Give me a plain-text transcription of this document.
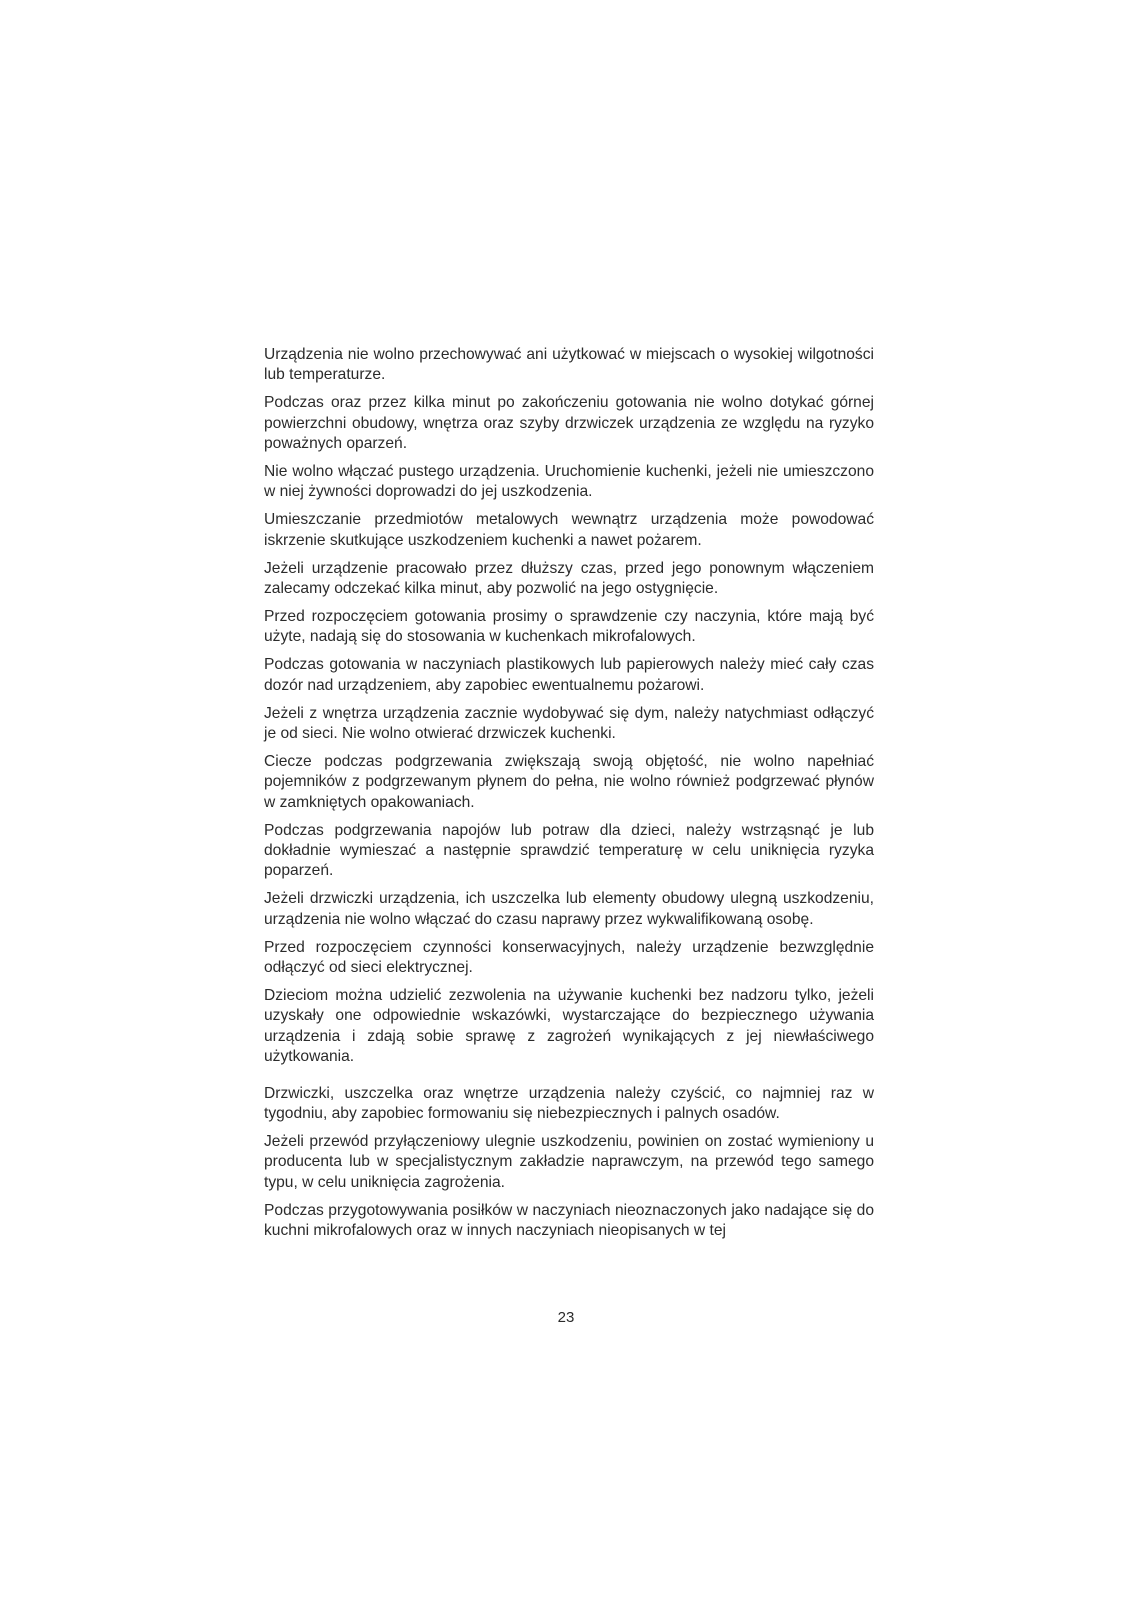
Urządzenia nie wolno przechowywać ani użytkować w miejscach o wysokiej wilgotności lub temperaturze.

Podczas oraz przez kilka minut po zakończeniu gotowania nie wolno dotykać górnej powierzchni obudowy, wnętrza oraz szyby drzwiczek urządzenia ze względu na ryzyko poważnych oparzeń.

Nie wolno włączać pustego urządzenia. Uruchomienie kuchenki, jeżeli nie umieszczono w niej żywności doprowadzi do jej uszkodzenia.

Umieszczanie przedmiotów metalowych wewnątrz urządzenia może powodować iskrzenie skutkujące uszkodzeniem kuchenki a nawet pożarem.

Jeżeli urządzenie pracowało przez dłuższy czas, przed jego ponownym włączeniem zalecamy odczekać kilka minut, aby pozwolić na jego ostygnięcie.

Przed rozpoczęciem gotowania prosimy o sprawdzenie czy naczynia, które mają być użyte, nadają się do stosowania w kuchenkach mikrofalowych.

Podczas gotowania w naczyniach plastikowych lub papierowych należy mieć cały czas dozór nad urządzeniem, aby zapobiec ewentualnemu pożarowi.

Jeżeli z wnętrza urządzenia zacznie wydobywać się dym, należy natychmiast odłączyć je od sieci. Nie wolno otwierać drzwiczek kuchenki.

Ciecze podczas podgrzewania zwiększają swoją objętość, nie wolno napełniać pojemników z podgrzewanym płynem do pełna, nie wolno również podgrzewać płynów w zamkniętych opakowaniach.

Podczas podgrzewania napojów lub potraw dla dzieci, należy wstrząsnąć je lub dokładnie wymieszać a następnie sprawdzić temperaturę w celu uniknięcia ryzyka poparzeń.

Jeżeli drzwiczki urządzenia, ich uszczelka lub elementy obudowy ulegną uszkodzeniu, urządzenia nie wolno włączać do czasu naprawy przez wykwalifikowaną osobę.

Przed rozpoczęciem czynności konserwacyjnych, należy urządzenie bezwzględnie odłączyć od sieci elektrycznej.

Dzieciom można udzielić zezwolenia na używanie kuchenki bez nadzoru tylko, jeżeli uzyskały one odpowiednie wskazówki, wystarczające do bezpiecznego używania urządzenia i zdają sobie sprawę z zagrożeń wynikających z jej niewłaściwego użytkowania.

Drzwiczki, uszczelka oraz wnętrze urządzenia należy czyścić, co najmniej raz w tygodniu, aby zapobiec formowaniu się niebezpiecznych i palnych osadów.

Jeżeli przewód przyłączeniowy ulegnie uszkodzeniu, powinien on zostać wymieniony u producenta lub w specjalistycznym zakładzie naprawczym, na przewód tego samego typu, w celu uniknięcia zagrożenia.

Podczas przygotowywania posiłków w naczyniach nieoznaczonych jako nadające się do kuchni mikrofalowych oraz w innych naczyniach nieopisanych w tej

23
